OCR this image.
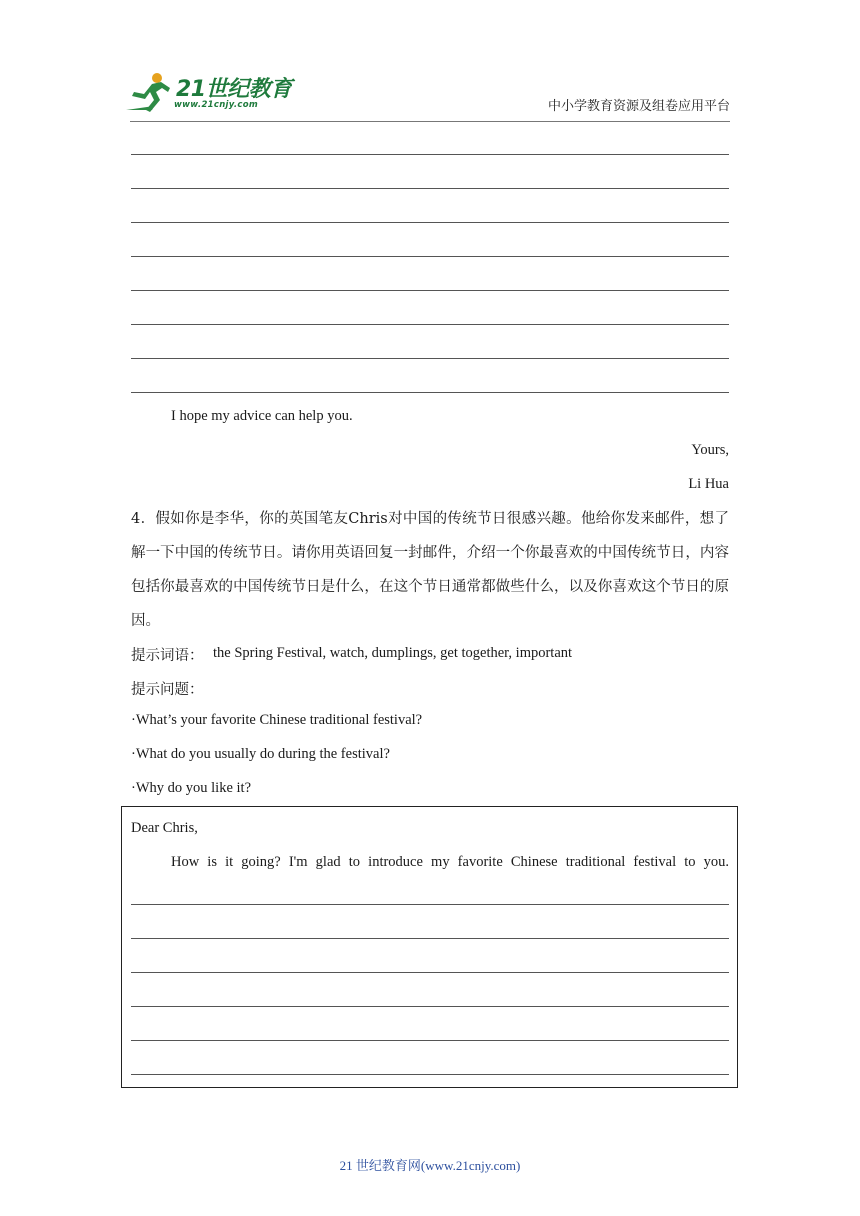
21世纪教育
www.21cnjy.com	中小学教育资源及组卷应用平台
I hope my advice can help you.
Yours,
Li Hua
4．假如你是李华，你的英国笔友Chris对中国的传统节日很感兴趣。他给你发来邮件，想了解一下中国的传统节日。请你用英语回复一封邮件，介绍一个你最喜欢的中国传统节日，内容包括你最喜欢的中国传统节日是什么，在这个节日通常都做些什么，以及你喜欢这个节日的原因。
提示词语： the Spring Festival, watch, dumplings, get together, important
提示问题：
·What’s your favorite Chinese traditional festival?
·What do you usually do during the festival?
·Why do you like it?
Dear Chris,
How is it going? I'm glad to introduce my favorite Chinese traditional festival to you.
21 世纪教育网(www.21cnjy.com)
